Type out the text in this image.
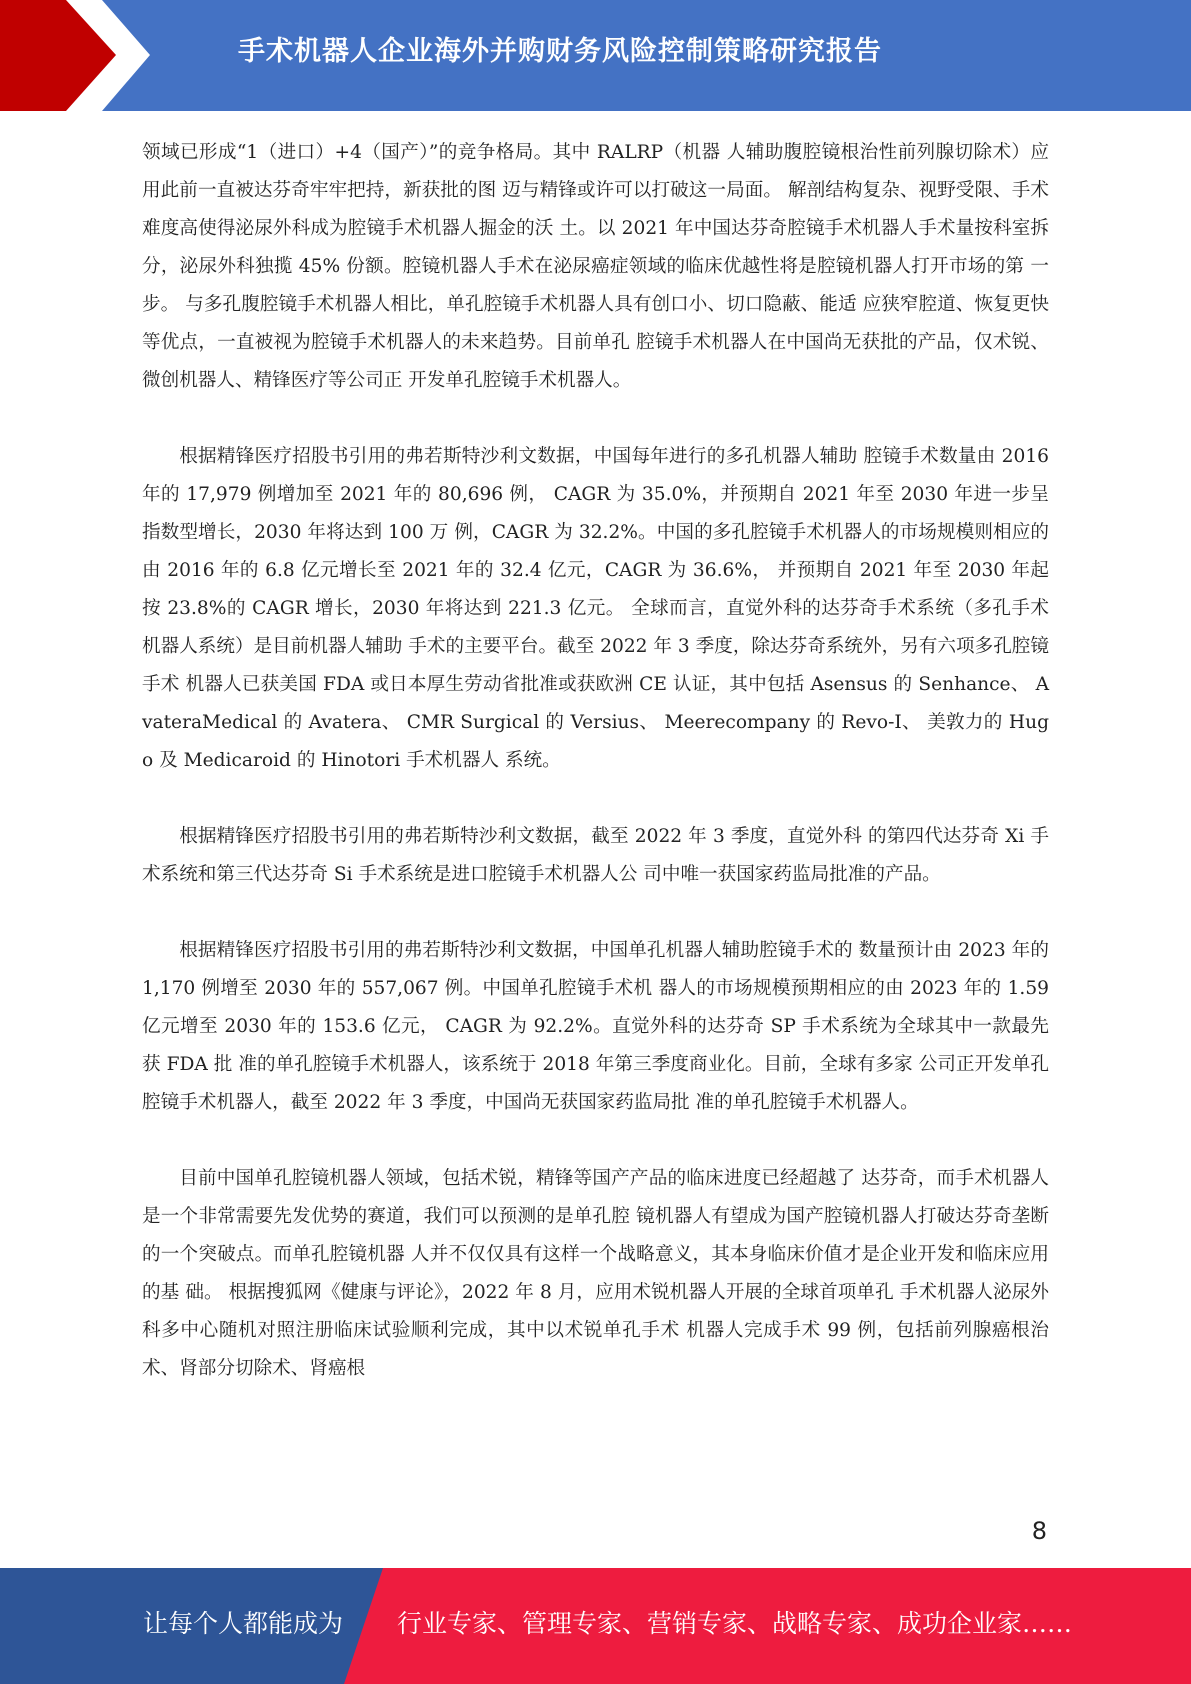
手术机器人企业海外并购财务风险控制策略研究报告

领域已形成“1（进口）+4（国产）”的竞争格局。其中 RALRP（机器 人辅助腹腔镜根治性前列腺切除术）应用此前一直被达芬奇牢牢把持，新获批的图 迈与精锋或许可以打破这一局面。 解剖结构复杂、视野受限、手术难度高使得泌尿外科成为腔镜手术机器人掘金的沃 土。以 2021 年中国达芬奇腔镜手术机器人手术量按科室拆分，泌尿外科独揽 45% 份额。腔镜机器人手术在泌尿癌症领域的临床优越性将是腔镜机器人打开市场的第 一步。 与多孔腹腔镜手术机器人相比，单孔腔镜手术机器人具有创口小、切口隐蔽、能适 应狭窄腔道、恢复更快等优点，一直被视为腔镜手术机器人的未来趋势。目前单孔 腔镜手术机器人在中国尚无获批的产品，仅术锐、微创机器人、精锋医疗等公司正 开发单孔腔镜手术机器人。

根据精锋医疗招股书引用的弗若斯特沙利文数据，中国每年进行的多孔机器人辅助 腔镜手术数量由 2016 年的 17,979 例增加至 2021 年的 80,696 例， CAGR 为 35.0%，并预期自 2021 年至 2030 年进一步呈指数型增长，2030 年将达到 100 万 例，CAGR 为 32.2%。中国的多孔腔镜手术机器人的市场规模则相应的由 2016 年的 6.8 亿元增长至 2021 年的 32.4 亿元，CAGR 为 36.6%， 并预期自 2021 年至 2030 年起按 23.8%的 CAGR 增长，2030 年将达到 221.3 亿元。 全球而言，直觉外科的达芬奇手术系统（多孔手术机器人系统）是目前机器人辅助 手术的主要平台。截至 2022 年 3 季度，除达芬奇系统外，另有六项多孔腔镜手术 机器人已获美国 FDA 或日本厚生劳动省批准或获欧洲 CE 认证，其中包括 Asensus 的 Senhance、 AvateraMedical 的 Avatera、 CMR Surgical 的 Versius、 Meerecompany 的 Revo-I、 美敦力的 Hugo 及 Medicaroid 的 Hinotori 手术机器人 系统。

根据精锋医疗招股书引用的弗若斯特沙利文数据，截至 2022 年 3 季度，直觉外科 的第四代达芬奇 Xi 手术系统和第三代达芬奇 Si 手术系统是进口腔镜手术机器人公 司中唯一获国家药监局批准的产品。

根据精锋医疗招股书引用的弗若斯特沙利文数据，中国单孔机器人辅助腔镜手术的 数量预计由 2023 年的 1,170 例增至 2030 年的 557,067 例。中国单孔腔镜手术机 器人的市场规模预期相应的由 2023 年的 1.59 亿元增至 2030 年的 153.6 亿元， CAGR 为 92.2%。直觉外科的达芬奇 SP 手术系统为全球其中一款最先获 FDA 批 准的单孔腔镜手术机器人，该系统于 2018 年第三季度商业化。目前，全球有多家 公司正开发单孔腔镜手术机器人，截至 2022 年 3 季度，中国尚无获国家药监局批 准的单孔腔镜手术机器人。

目前中国单孔腔镜机器人领域，包括术锐，精锋等国产产品的临床进度已经超越了 达芬奇，而手术机器人是一个非常需要先发优势的赛道，我们可以预测的是单孔腔 镜机器人有望成为国产腔镜机器人打破达芬奇垄断的一个突破点。而单孔腔镜机器 人并不仅仅具有这样一个战略意义，其本身临床价值才是企业开发和临床应用的基 础。 根据搜狐网《健康与评论》，2022 年 8 月，应用术锐机器人开展的全球首项单孔 手术机器人泌尿外科多中心随机对照注册临床试验顺利完成，其中以术锐单孔手术 机器人完成手术 99 例，包括前列腺癌根治术、肾部分切除术、肾癌根

8
让每个人都能成为 行业专家、管理专家、营销专家、战略专家、成功企业家……
